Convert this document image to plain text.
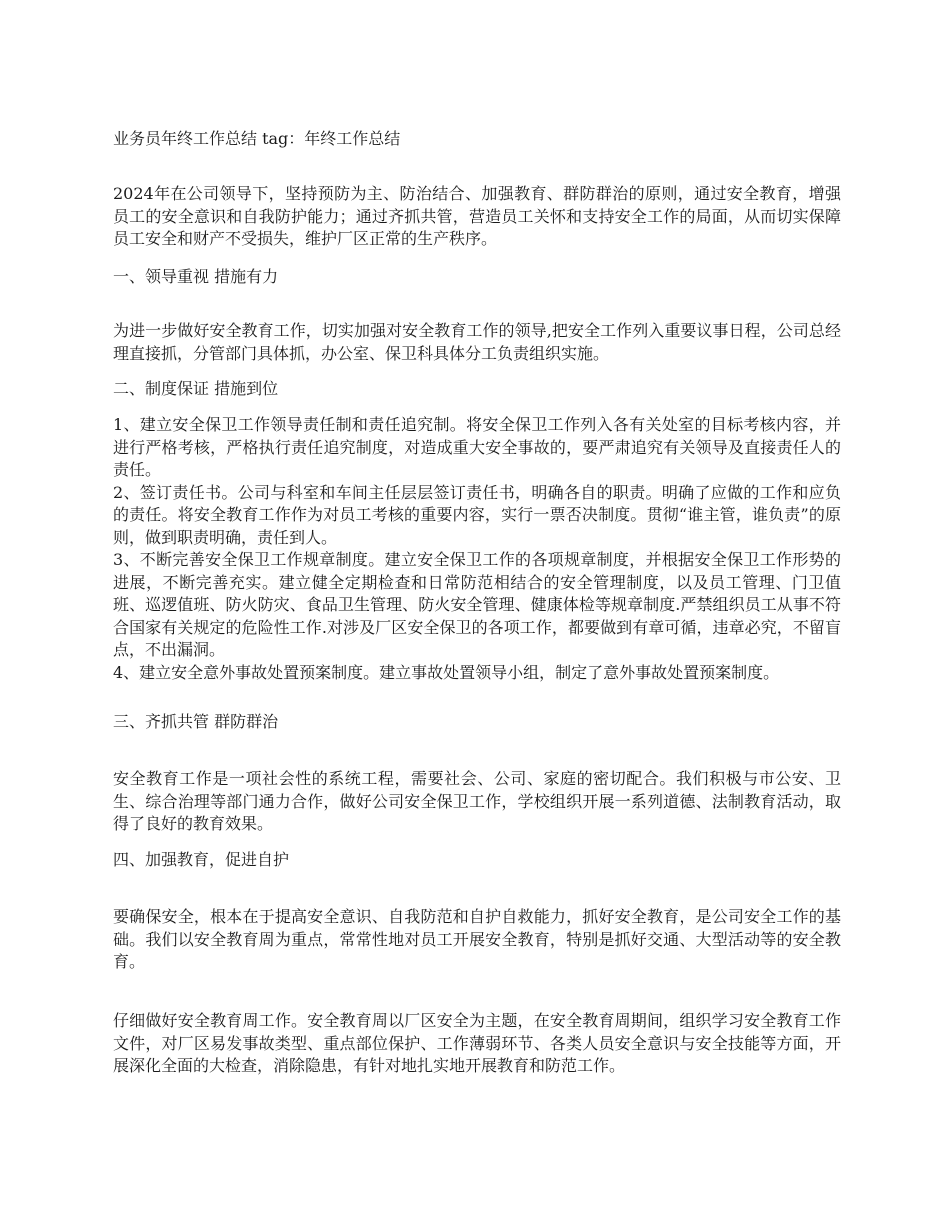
业务员年终工作总结 tag：年终工作总结

2024年在公司领导下，坚持预防为主、防治结合、加强教育、群防群治的原则，通过安全教育，增强员工的安全意识和自我防护能力；通过齐抓共管，营造员工关怀和支持安全工作的局面，从而切实保障员工安全和财产不受损失，维护厂区正常的生产秩序。

一、领导重视 措施有力

为进一步做好安全教育工作，切实加强对安全教育工作的领导,把安全工作列入重要议事日程，公司总经理直接抓，分管部门具体抓，办公室、保卫科具体分工负责组织实施。

二、制度保证 措施到位
1、建立安全保卫工作领导责任制和责任追究制。将安全保卫工作列入各有关处室的目标考核内容，并进行严格考核，严格执行责任追究制度，对造成重大安全事故的，要严肃追究有关领导及直接责任人的责任。
2、签订责任书。公司与科室和车间主任层层签订责任书，明确各自的职责。明确了应做的工作和应负的责任。将安全教育工作作为对员工考核的重要内容，实行一票否决制度。贯彻“谁主管，谁负责”的原则，做到职责明确，责任到人。
3、不断完善安全保卫工作规章制度。建立安全保卫工作的各项规章制度，并根据安全保卫工作形势的进展，不断完善充实。建立健全定期检查和日常防范相结合的安全管理制度，以及员工管理、门卫值班、巡逻值班、防火防灾、食品卫生管理、防火安全管理、健康体检等规章制度.严禁组织员工从事不符合国家有关规定的危险性工作.对涉及厂区安全保卫的各项工作，都要做到有章可循，违章必究，不留盲点，不出漏洞。
4、建立安全意外事故处置预案制度。建立事故处置领导小组，制定了意外事故处置预案制度。
三、齐抓共管 群防群治

安全教育工作是一项社会性的系统工程，需要社会、公司、家庭的密切配合。我们积极与市公安、卫生、综合治理等部门通力合作，做好公司安全保卫工作，学校组织开展一系列道德、法制教育活动，取得了良好的教育效果。

四、加强教育，促进自护

要确保安全，根本在于提高安全意识、自我防范和自护自救能力，抓好安全教育，是公司安全工作的基础。我们以安全教育周为重点，常常性地对员工开展安全教育，特别是抓好交通、大型活动等的安全教育。

仔细做好安全教育周工作。安全教育周以厂区安全为主题，在安全教育周期间，组织学习安全教育工作文件，对厂区易发事故类型、重点部位保护、工作薄弱环节、各类人员安全意识与安全技能等方面，开展深化全面的大检查，消除隐患，有针对地扎实地开展教育和防范工作。
